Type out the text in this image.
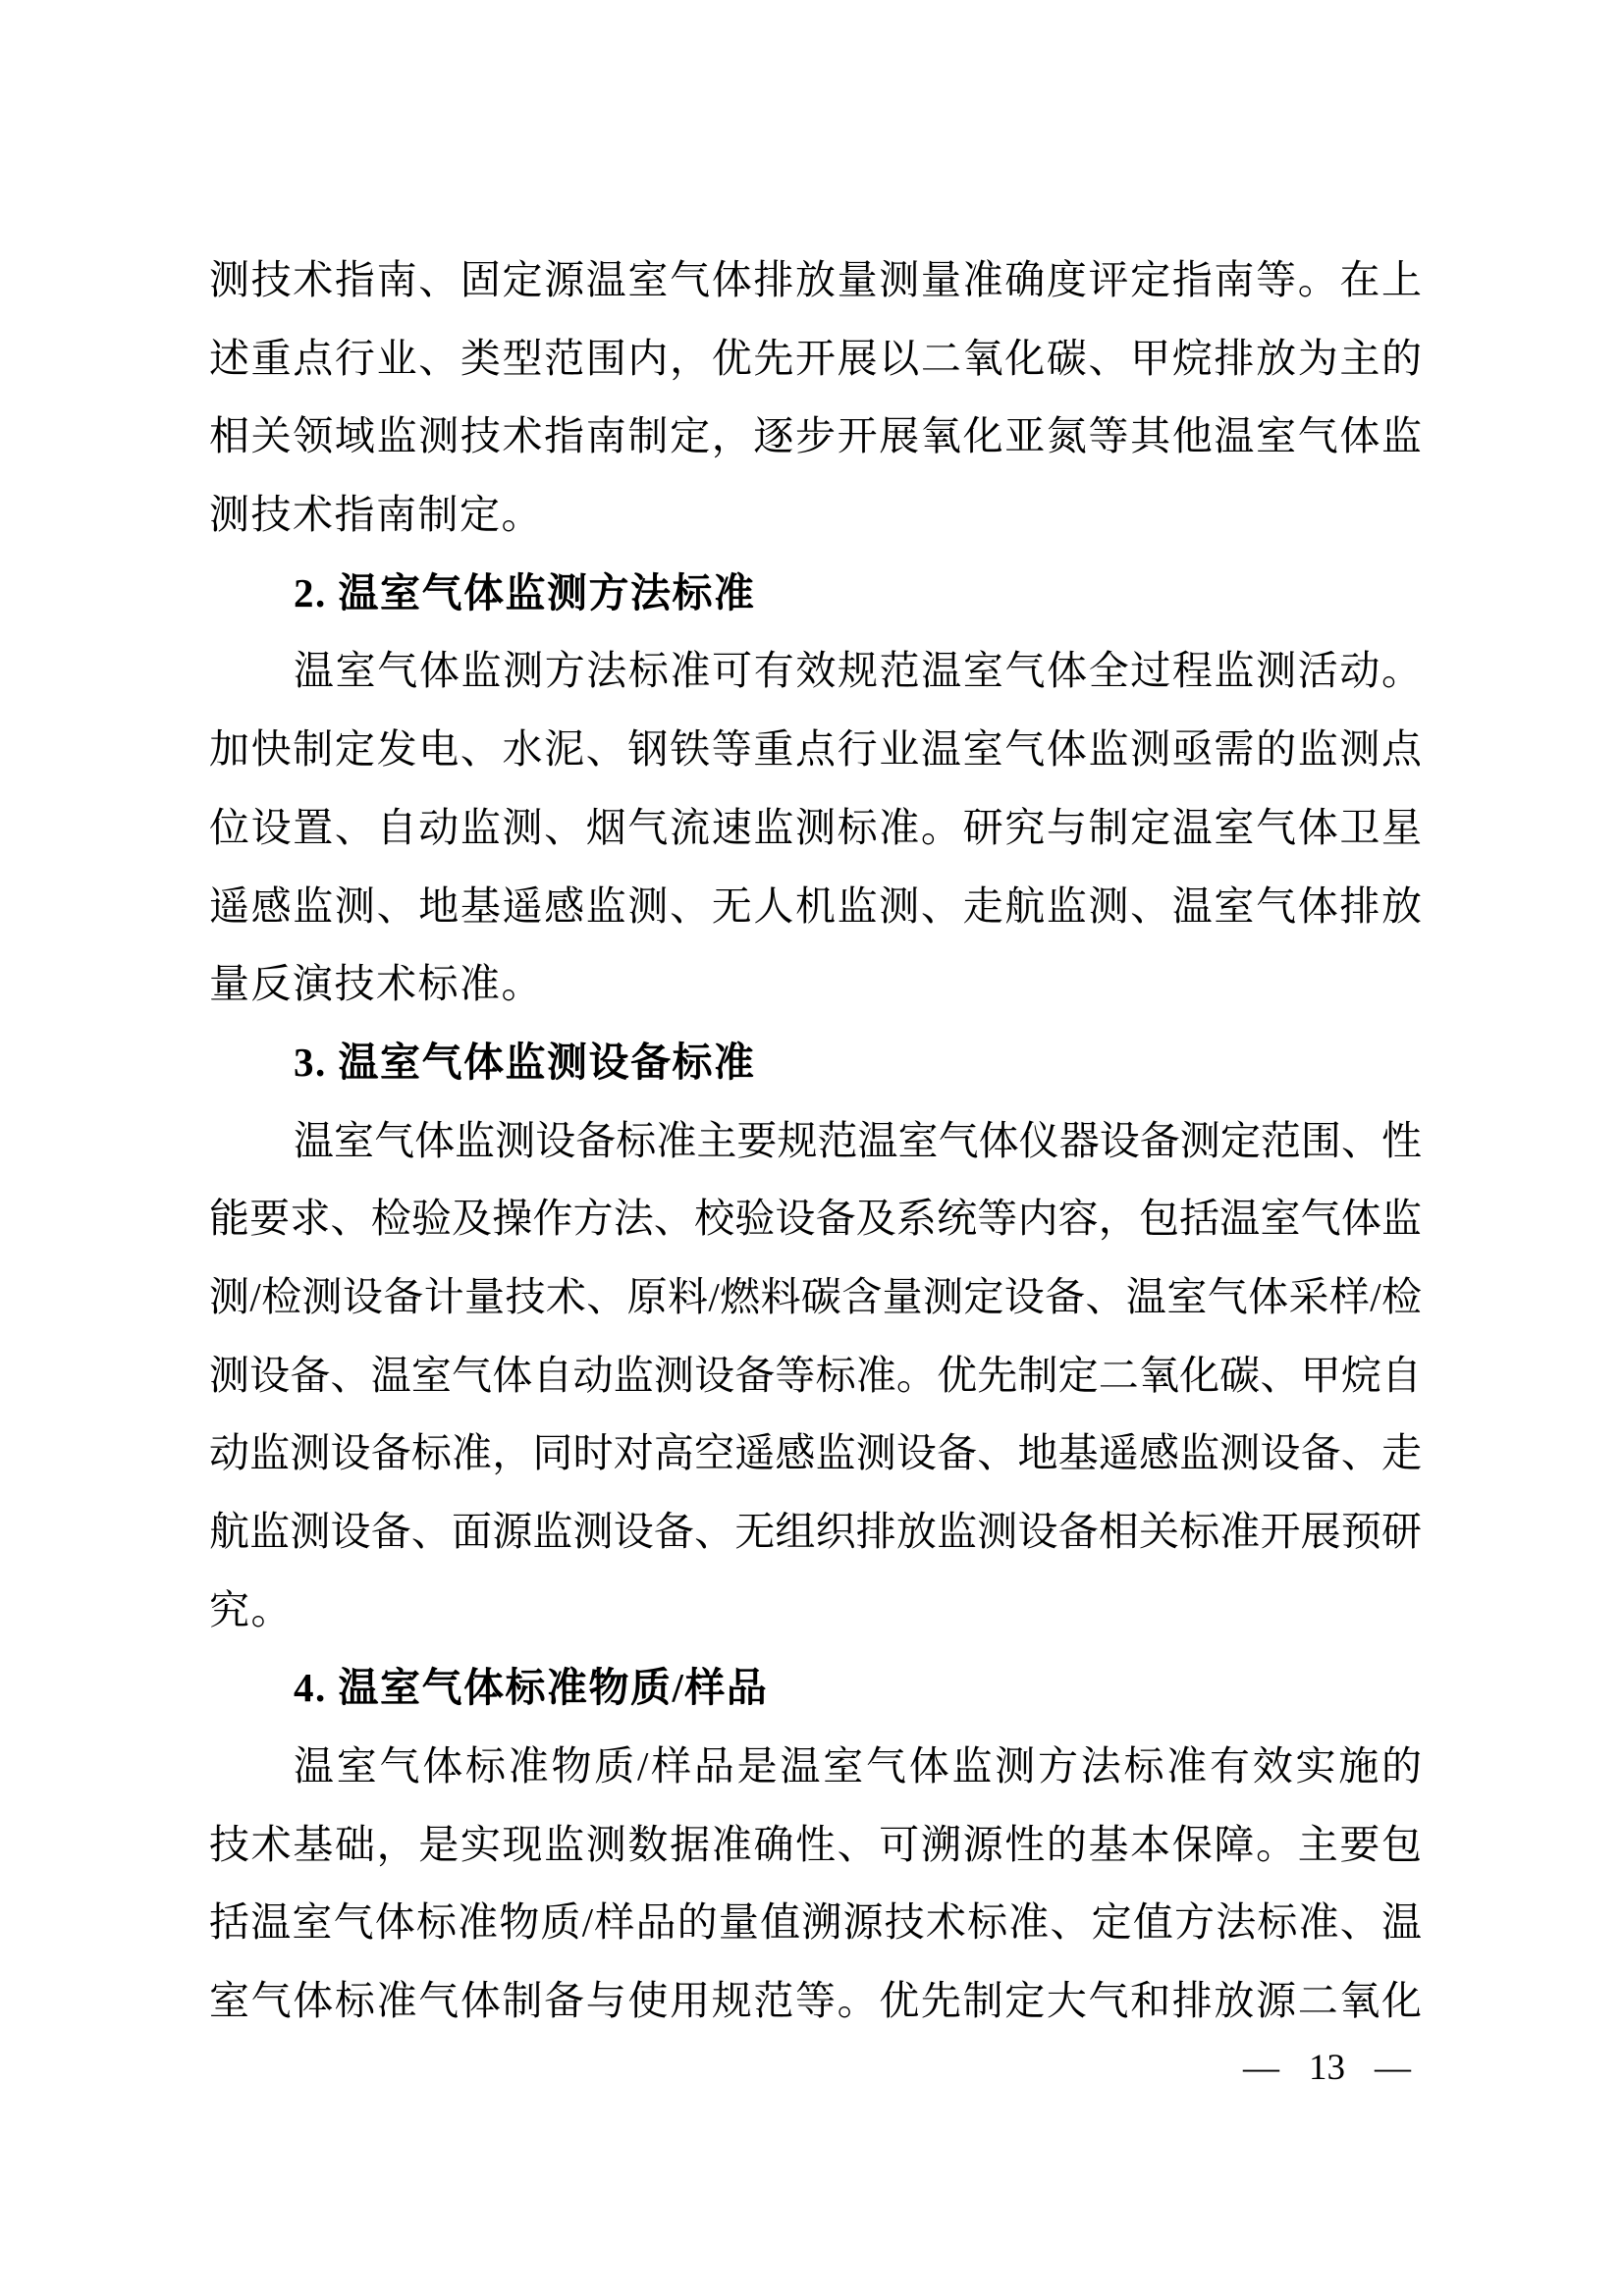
测技术指南、固定源温室气体排放量测量准确度评定指南等。在上
述重点行业、类型范围内，优先开展以二氧化碳、甲烷排放为主的
相关领域监测技术指南制定，逐步开展氧化亚氮等其他温室气体监
测技术指南制定。
2. 温室气体监测方法标准
温室气体监测方法标准可有效规范温室气体全过程监测活动。
加快制定发电、水泥、钢铁等重点行业温室气体监测亟需的监测点
位设置、自动监测、烟气流速监测标准。研究与制定温室气体卫星
遥感监测、地基遥感监测、无人机监测、走航监测、温室气体排放
量反演技术标准。
3. 温室气体监测设备标准
温室气体监测设备标准主要规范温室气体仪器设备测定范围、性
能要求、检验及操作方法、校验设备及系统等内容，包括温室气体监
测/检测设备计量技术、原料/燃料碳含量测定设备、温室气体采样/检
测设备、温室气体自动监测设备等标准。优先制定二氧化碳、甲烷自
动监测设备标准，同时对高空遥感监测设备、地基遥感监测设备、走
航监测设备、面源监测设备、无组织排放监测设备相关标准开展预研
究。
4. 温室气体标准物质/样品
温室气体标准物质/样品是温室气体监测方法标准有效实施的
技术基础，是实现监测数据准确性、可溯源性的基本保障。主要包
括温室气体标准物质/样品的量值溯源技术标准、定值方法标准、温
室气体标准气体制备与使用规范等。优先制定大气和排放源二氧化
— 13 —
